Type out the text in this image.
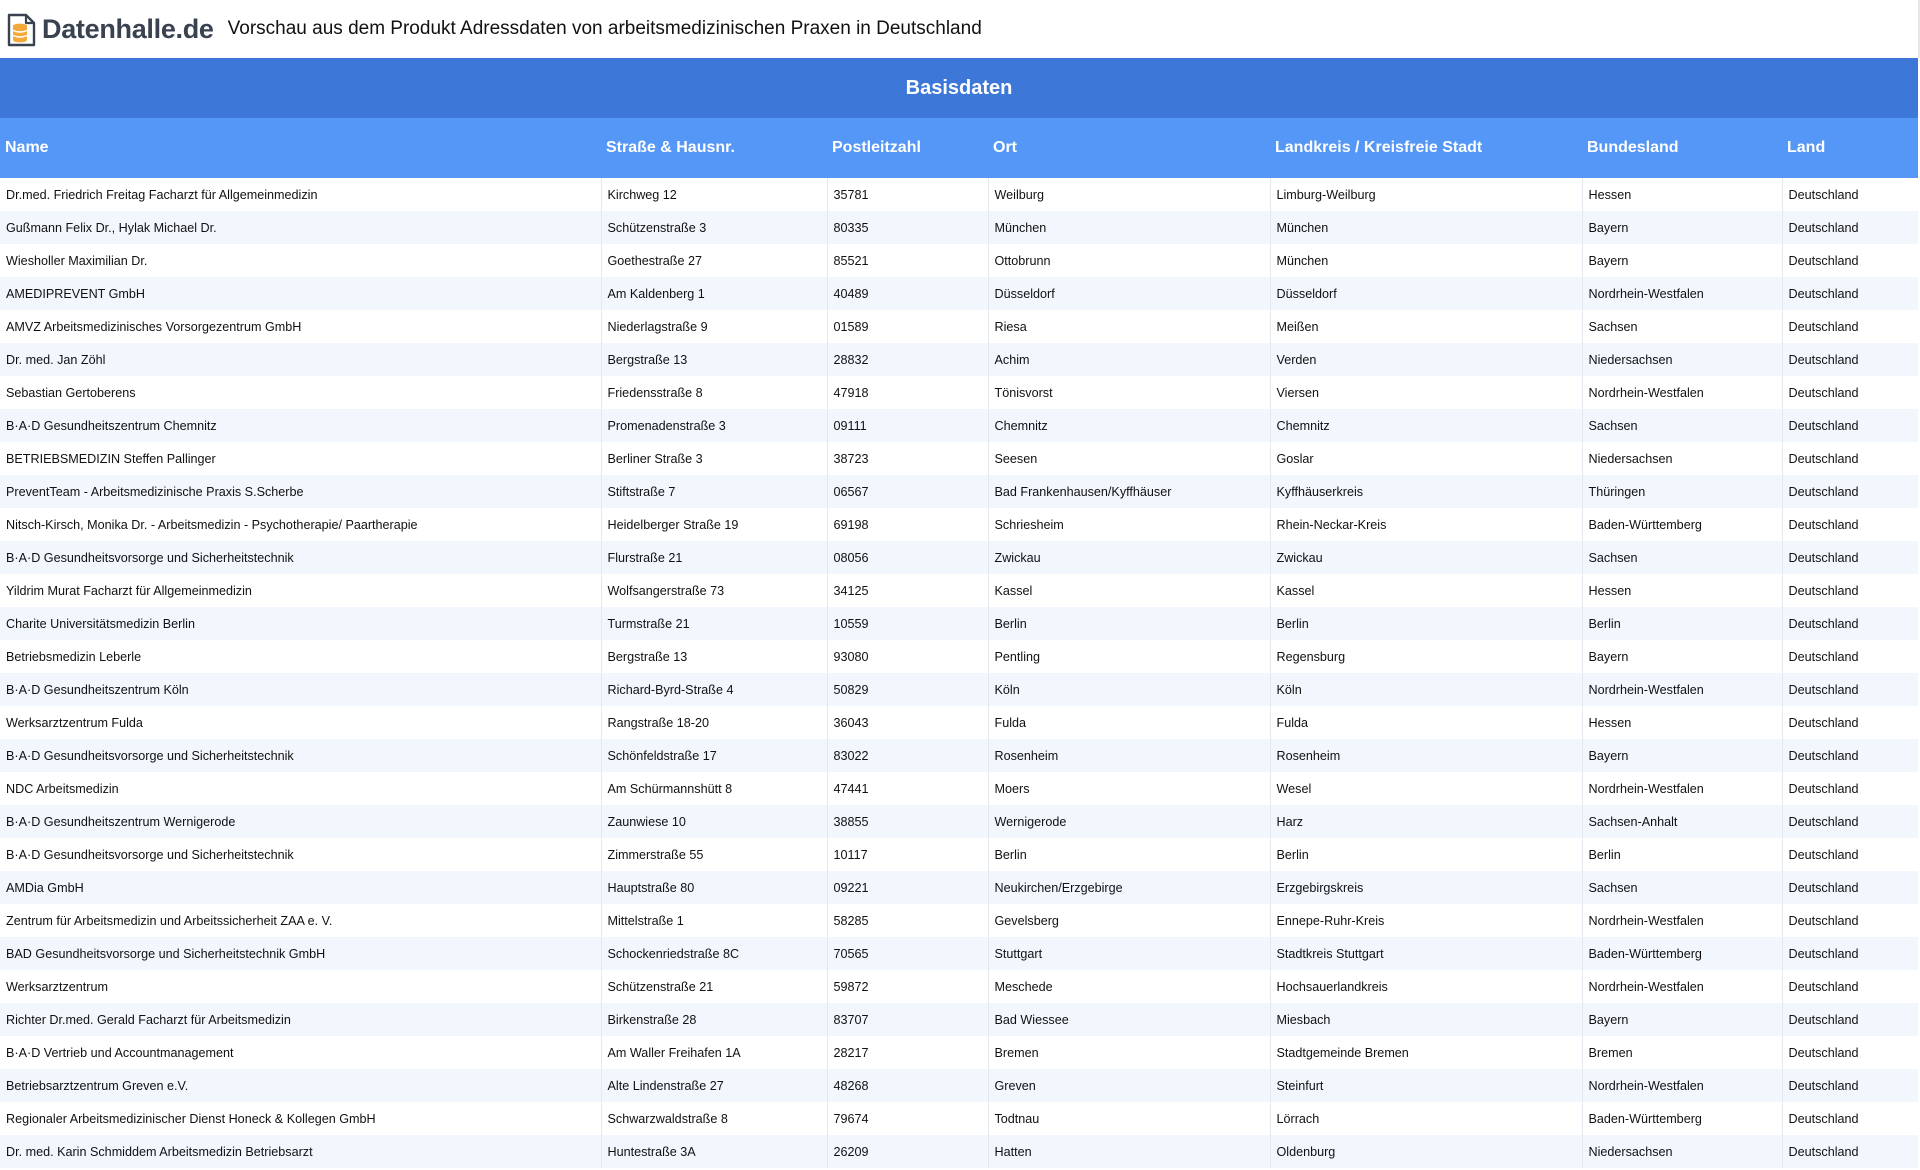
Datenhalle.de Vorschau aus dem Produkt Adressdaten von arbeitsmedizinischen Praxen in Deutschland
Basisdaten						
Name	Straße & Hausnr.	Postleitzahl	Ort	Landkreis / Kreisfreie Stadt	Bundesland	Land
Dr.med. Friedrich Freitag Facharzt für Allgemeinmedizin	Kirchweg 12	35781	Weilburg	Limburg-Weilburg	Hessen	Deutschland
Gußmann Felix Dr., Hylak Michael Dr.	Schützenstraße 3	80335	München	München	Bayern	Deutschland
Wiesholler Maximilian Dr.	Goethestraße 27	85521	Ottobrunn	München	Bayern	Deutschland
AMEDIPREVENT GmbH	Am Kaldenberg 1	40489	Düsseldorf	Düsseldorf	Nordrhein-Westfalen	Deutschland
AMVZ Arbeitsmedizinisches Vorsorgezentrum GmbH	Niederlagstraße 9	01589	Riesa	Meißen	Sachsen	Deutschland
Dr. med. Jan Zöhl	Bergstraße 13	28832	Achim	Verden	Niedersachsen	Deutschland
Sebastian Gertoberens	Friedensstraße 8	47918	Tönisvorst	Viersen	Nordrhein-Westfalen	Deutschland
B·A·D Gesundheitszentrum Chemnitz	Promenadenstraße 3	09111	Chemnitz	Chemnitz	Sachsen	Deutschland
BETRIEBSMEDIZIN Steffen Pallinger	Berliner Straße 3	38723	Seesen	Goslar	Niedersachsen	Deutschland
PreventTeam - Arbeitsmedizinische Praxis S.Scherbe	Stiftstraße 7	06567	Bad Frankenhausen/Kyffhäuser	Kyffhäuserkreis	Thüringen	Deutschland
Nitsch-Kirsch, Monika Dr. - Arbeitsmedizin - Psychotherapie/ Paartherapie	Heidelberger Straße 19	69198	Schriesheim	Rhein-Neckar-Kreis	Baden-Württemberg	Deutschland
B·A·D Gesundheitsvorsorge und Sicherheitstechnik	Flurstraße 21	08056	Zwickau	Zwickau	Sachsen	Deutschland
Yildrim Murat Facharzt für Allgemeinmedizin	Wolfsangerstraße 73	34125	Kassel	Kassel	Hessen	Deutschland
Charite Universitätsmedizin Berlin	Turmstraße 21	10559	Berlin	Berlin	Berlin	Deutschland
Betriebsmedizin Leberle	Bergstraße 13	93080	Pentling	Regensburg	Bayern	Deutschland
B·A·D Gesundheitszentrum Köln	Richard-Byrd-Straße 4	50829	Köln	Köln	Nordrhein-Westfalen	Deutschland
Werksarztzentrum Fulda	Rangstraße 18-20	36043	Fulda	Fulda	Hessen	Deutschland
B·A·D Gesundheitsvorsorge und Sicherheitstechnik	Schönfeldstraße 17	83022	Rosenheim	Rosenheim	Bayern	Deutschland
NDC Arbeitsmedizin	Am Schürmannshütt 8	47441	Moers	Wesel	Nordrhein-Westfalen	Deutschland
B·A·D Gesundheitszentrum Wernigerode	Zaunwiese 10	38855	Wernigerode	Harz	Sachsen-Anhalt	Deutschland
B·A·D Gesundheitsvorsorge und Sicherheitstechnik	Zimmerstraße 55	10117	Berlin	Berlin	Berlin	Deutschland
AMDia GmbH	Hauptstraße 80	09221	Neukirchen/Erzgebirge	Erzgebirgskreis	Sachsen	Deutschland
Zentrum für Arbeitsmedizin und Arbeitssicherheit ZAA e. V.	Mittelstraße 1	58285	Gevelsberg	Ennepe-Ruhr-Kreis	Nordrhein-Westfalen	Deutschland
BAD Gesundheitsvorsorge und Sicherheitstechnik GmbH	Schockenriedstraße 8C	70565	Stuttgart	Stadtkreis Stuttgart	Baden-Württemberg	Deutschland
Werksarztzentrum	Schützenstraße 21	59872	Meschede	Hochsauerlandkreis	Nordrhein-Westfalen	Deutschland
Richter Dr.med. Gerald Facharzt für Arbeitsmedizin	Birkenstraße 28	83707	Bad Wiessee	Miesbach	Bayern	Deutschland
B·A·D Vertrieb und Accountmanagement	Am Waller Freihafen 1A	28217	Bremen	Stadtgemeinde Bremen	Bremen	Deutschland
Betriebsarztzentrum Greven e.V.	Alte Lindenstraße 27	48268	Greven	Steinfurt	Nordrhein-Westfalen	Deutschland
Regionaler Arbeitsmedizinischer Dienst Honeck & Kollegen GmbH	Schwarzwaldstraße 8	79674	Todtnau	Lörrach	Baden-Württemberg	Deutschland
Dr. med. Karin Schmiddem Arbeitsmedizin Betriebsarzt	Huntestraße 3A	26209	Hatten	Oldenburg	Niedersachsen	Deutschland
